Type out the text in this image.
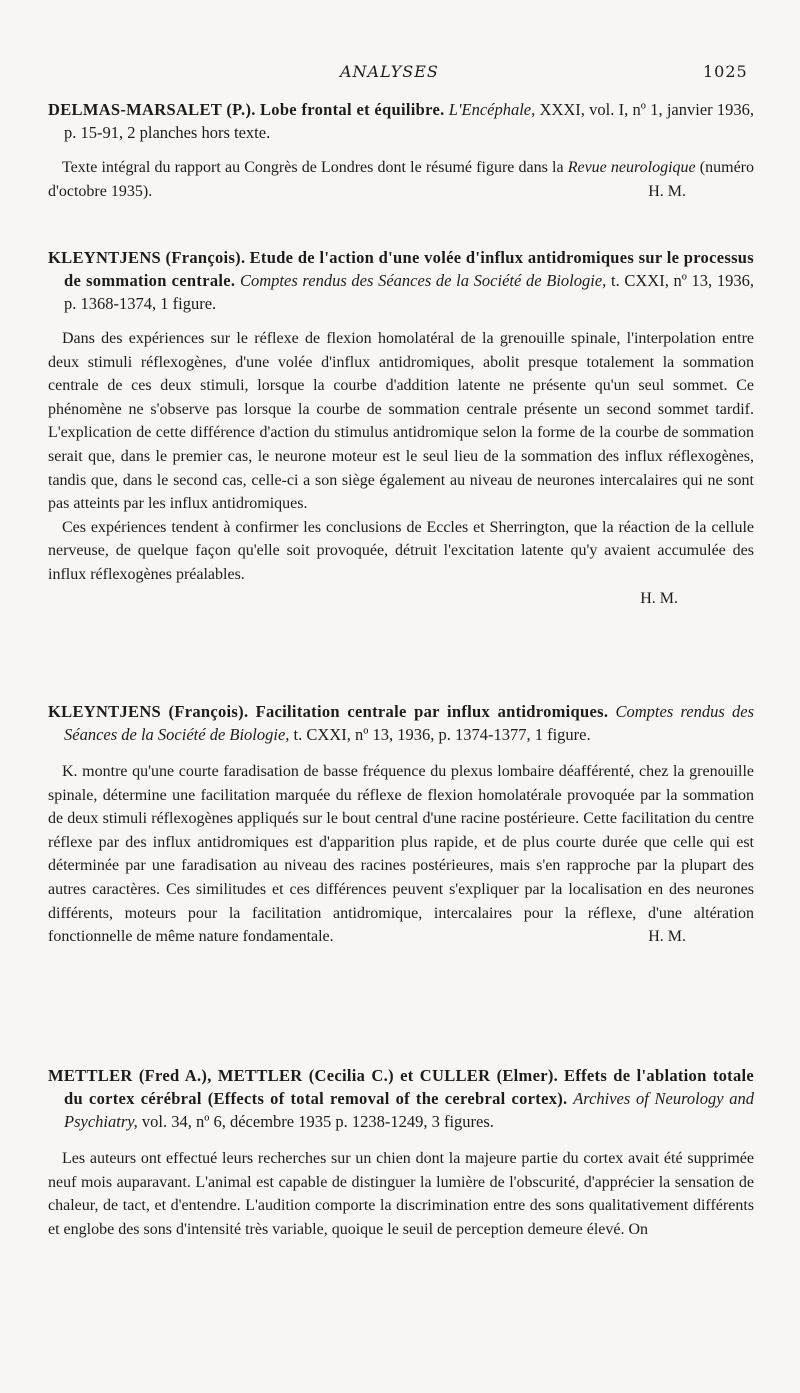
ANALYSES	1025

DELMAS-MARSALET (P.). Lobe frontal et équilibre. L'Encéphale, XXXI, vol. I, nº 1, janvier 1936, p. 15-91, 2 planches hors texte.

Texte intégral du rapport au Congrès de Londres dont le résumé figure dans la Revue neurologique (numéro d'octobre 1935).	H. M.

KLEYNTJENS (François). Etude de l'action d'une volée d'influx antidromiques sur le processus de sommation centrale. Comptes rendus des Séances de la Société de Biologie, t. CXXI, nº 13, 1936, p. 1368-1374, 1 figure.

Dans des expériences sur le réflexe de flexion homolatéral de la grenouille spinale, l'interpolation entre deux stimuli réflexogènes, d'une volée d'influx antidromiques, abolit presque totalement la sommation centrale de ces deux stimuli, lorsque la courbe d'addition latente ne présente qu'un seul sommet. Ce phénomène ne s'observe pas lorsque la courbe de sommation centrale présente un second sommet tardif. L'explication de cette différence d'action du stimulus antidromique selon la forme de la courbe de sommation serait que, dans le premier cas, le neurone moteur est le seul lieu de la sommation des influx réflexogènes, tandis que, dans le second cas, celle-ci a son siège également au niveau de neurones intercalaires qui ne sont pas atteints par les influx antidromiques.

Ces expériences tendent à confirmer les conclusions de Eccles et Sherrington, que la réaction de la cellule nerveuse, de quelque façon qu'elle soit provoquée, détruit l'excitation latente qu'y avaient accumulée des influx réflexogènes préalables.

H. M.

KLEYNTJENS (François). Facilitation centrale par influx antidromiques. Comptes rendus des Séances de la Société de Biologie, t. CXXI, nº 13, 1936, p. 1374-1377, 1 figure.

K. montre qu'une courte faradisation de basse fréquence du plexus lombaire déafférenté, chez la grenouille spinale, détermine une facilitation marquée du réflexe de flexion homolatérale provoquée par la sommation de deux stimuli réflexogènes appliqués sur le bout central d'une racine postérieure. Cette facilitation du centre réflexe par des influx antidromiques est d'apparition plus rapide, et de plus courte durée que celle qui est déterminée par une faradisation au niveau des racines postérieures, mais s'en rapproche par la plupart des autres caractères. Ces similitudes et ces différences peuvent s'expliquer par la localisation en des neurones différents, moteurs pour la facilitation antidromique, intercalaires pour la réflexe, d'une altération fonctionnelle de même nature fondamentale.	H. M.

METTLER (Fred A.), METTLER (Cecilia C.) et CULLER (Elmer). Effets de l'ablation totale du cortex cérébral (Effects of total removal of the cerebral cortex). Archives of Neurology and Psychiatry, vol. 34, nº 6, décembre 1935 p. 1238-1249, 3 figures.

Les auteurs ont effectué leurs recherches sur un chien dont la majeure partie du cortex avait été supprimée neuf mois auparavant. L'animal est capable de distinguer la lumière de l'obscurité, d'apprécier la sensation de chaleur, de tact, et d'entendre. L'audition comporte la discrimination entre des sons qualitativement différents et englobe des sons d'intensité très variable, quoique le seuil de perception demeure élevé. On
